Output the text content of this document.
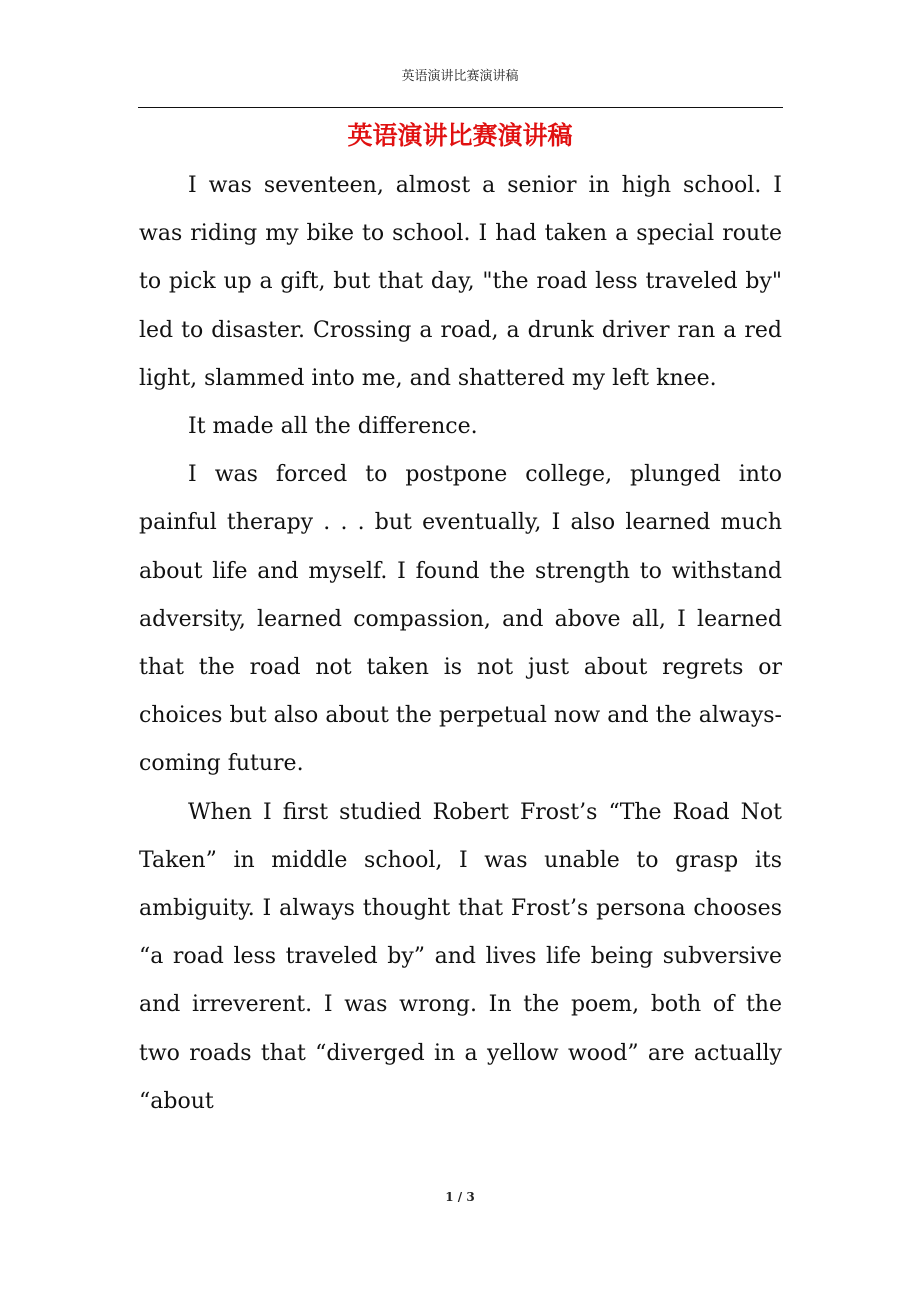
英语演讲比赛演讲稿
英语演讲比赛演讲稿

I was seventeen, almost a senior in high school. I was riding my bike to school. I had taken a special route to pick up a gift, but that day, "the road less traveled by" led to disaster. Crossing a road, a drunk driver ran a red light, slammed into me, and shattered my left knee.

It made all the difference.

I was forced to postpone college, plunged into painful therapy . . . but eventually, I also learned much about life and myself. I found the strength to withstand adversity, learned compassion, and above all, I learned that the road not taken is not just about regrets or choices but also about the perpetual now and the always-coming future.

When I first studied Robert Frost’s “The Road Not Taken” in middle school, I was unable to grasp its ambiguity. I always thought that Frost’s persona chooses “a road less traveled by” and lives life being subversive and irreverent. I was wrong. In the poem, both of the two roads that “diverged in a yellow wood” are actually “about

1 / 3
